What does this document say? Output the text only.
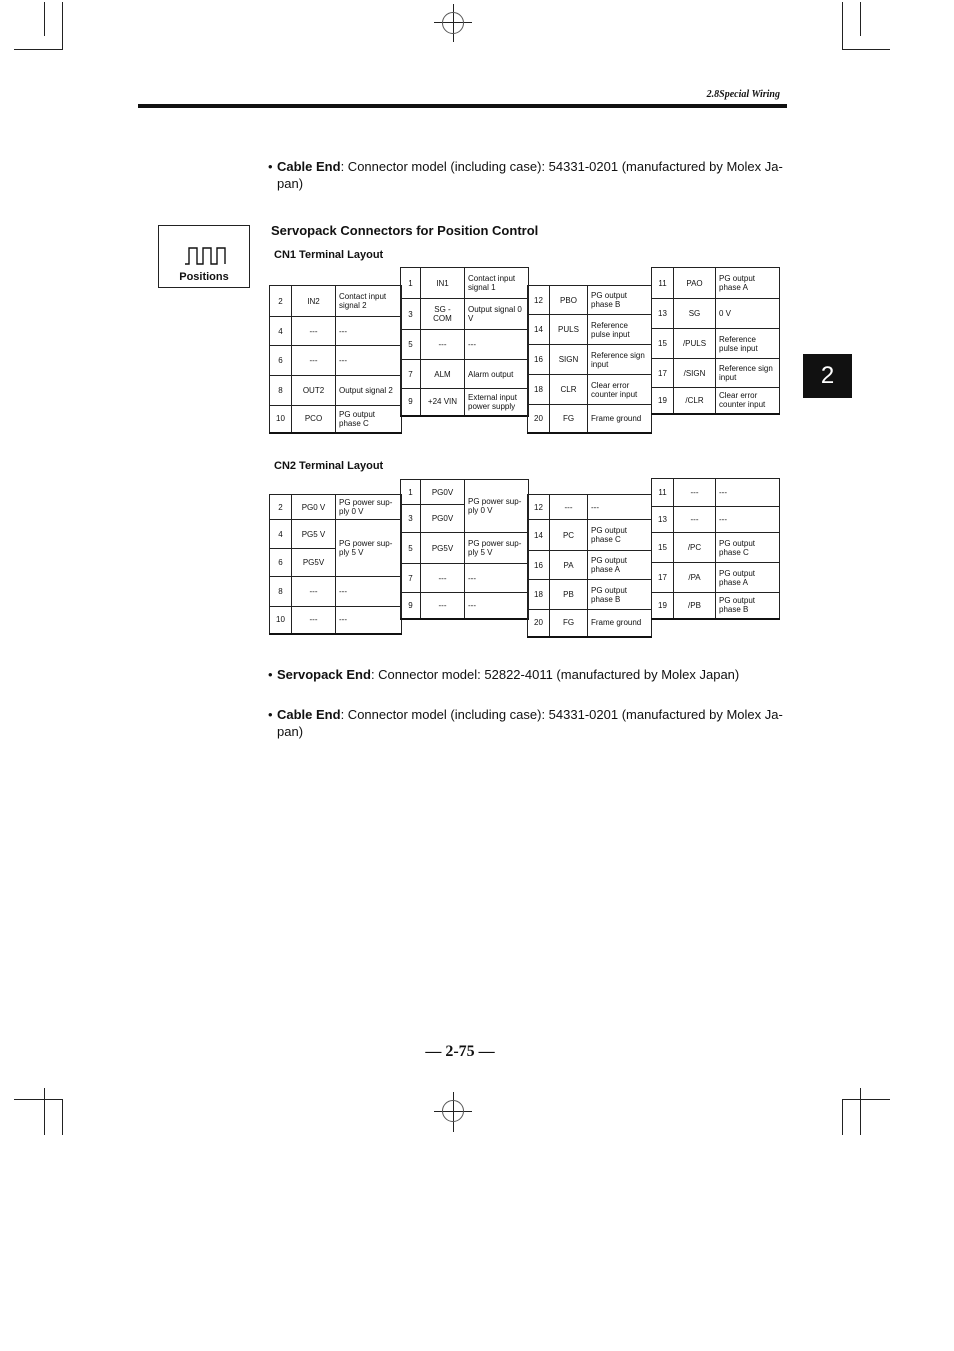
2.8Special Wiring
• Cable End: Connector model (including case): 54331-0201 (manufactured by Molex Ja-pan)
Positions
Servopack Connectors for Position Control
CN1 Terminal Layout
2	IN2	Contact input signal 2
4	---	---
6	---	---
8	OUT2	Output signal 2
10	PCO	PG output phase C
1	IN1	Contact input signal 1
3	SG - COM	Output signal 0 V
5	---	---
7	ALM	Alarm output
9	+24 VIN	External input power supply
12	PBO	PG output phase B
14	PULS	Reference pulse input
16	SIGN	Reference sign input
18	CLR	Clear error counter input
20	FG	Frame ground
11	PAO	PG output phase A
13	SG	0 V
15	/PULS	Reference pulse input
17	/SIGN	Reference sign input
19	/CLR	Clear error counter input
CN2 Terminal Layout
2	PG0 V	PG power sup- ply 0 V
4	PG5 V	PG power sup- ply 5 V
6	PG5V	
8	---	---
10	---	---
1	PG0V	PG power sup- ply 0 V
3	PG0V	
5	PG5V	PG power sup- ply 5 V
7	---	---
9	---	---
12	---	---
14	PC	PG output phase C
16	PA	PG output phase A
18	PB	PG output phase B
20	FG	Frame ground
11	---	---
13	---	---
15	/PC	PG output phase C
17	/PA	PG output phase A
19	/PB	PG output phase B
2
• Servopack End: Connector model: 52822-4011 (manufactured by Molex Japan)
• Cable End: Connector model (including case): 54331-0201 (manufactured by Molex Ja-pan)
— 2-75 —
